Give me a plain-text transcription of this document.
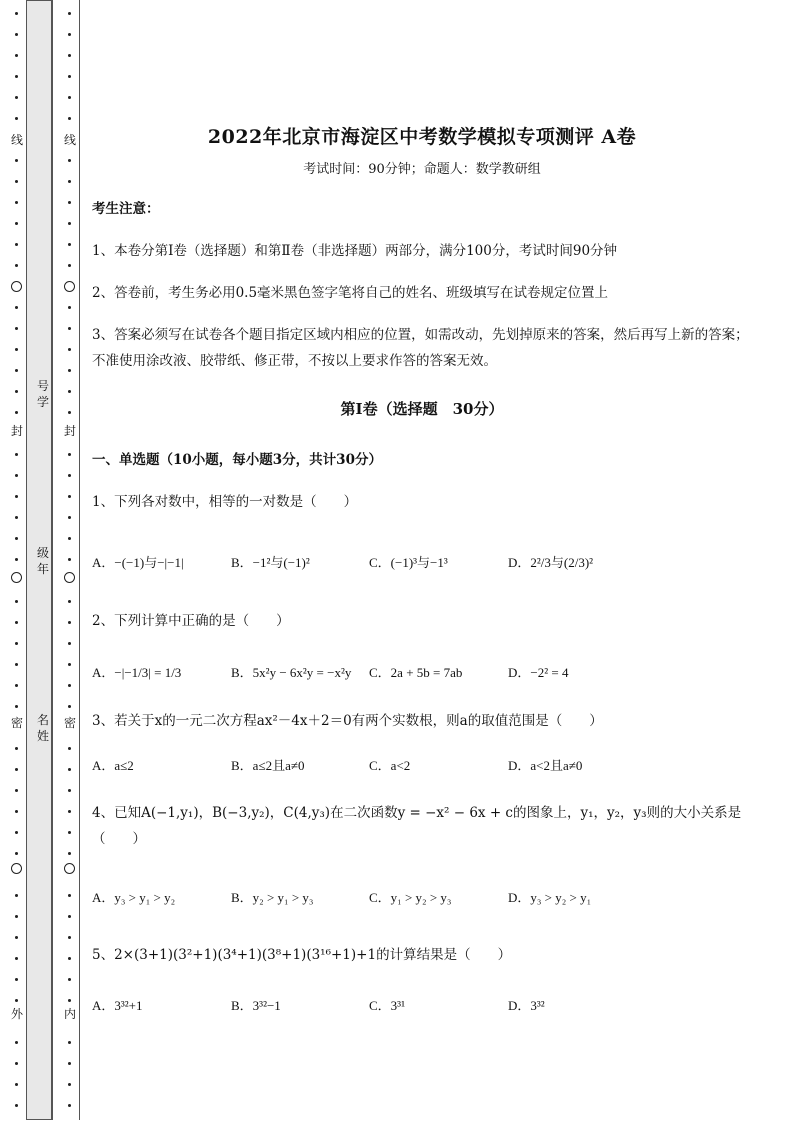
线
封
密
外
线
封
密
内
号学
级年
名姓
2022年北京市海淀区中考数学模拟专项测评 A卷
考试时间：90分钟；命题人：数学教研组
考生注意：
1、本卷分第I卷（选择题）和第Ⅱ卷（非选择题）两部分，满分100分，考试时间90分钟
2、答卷前，考生务必用0.5毫米黑色签字笔将自己的姓名、班级填写在试卷规定位置上
3、答案必须写在试卷各个题目指定区域内相应的位置，如需改动，先划掉原来的答案，然后再写上新的答案；不准使用涂改液、胶带纸、修正带，不按以上要求作答的答案无效。
第I卷（选择题　30分）
一、单选题（10小题，每小题3分，共计30分）
1、下列各对数中，相等的一对数是（　　）
A．−(−1)与−|−1|	B．−1²与(−1)²	C．(−1)³与−1³	D．2²/3与(2/3)²
2、下列计算中正确的是（　　）
A．−|−1/3| = 1/3	B．5x²y − 6x²y = −x²y C．2a + 5b = 7ab	D．−2² = 4
3、若关于x的一元二次方程ax²－4x＋2＝0有两个实数根，则a的取值范围是（　　）
A．a≤2	B．a≤2且a≠0	C．a<2	D．a<2且a≠0
4、已知A(−1,y₁)，B(−3,y₂)，C(4,y₃)在二次函数y = −x² − 6x + c的图象上，y₁，y₂，y₃则的大小关系是（　　）
A．y₃ > y₁ > y₂	B．y₂ > y₁ > y₃	C．y₁ > y₂ > y₃	D．y₃ > y₂ > y₁
5、2×(3+1)(3²+1)(3⁴+1)(3⁸+1)(3¹⁶+1)+1的计算结果是（　　）
A．3³²+1	B．3³²−1	C．3³¹	D．3³²
